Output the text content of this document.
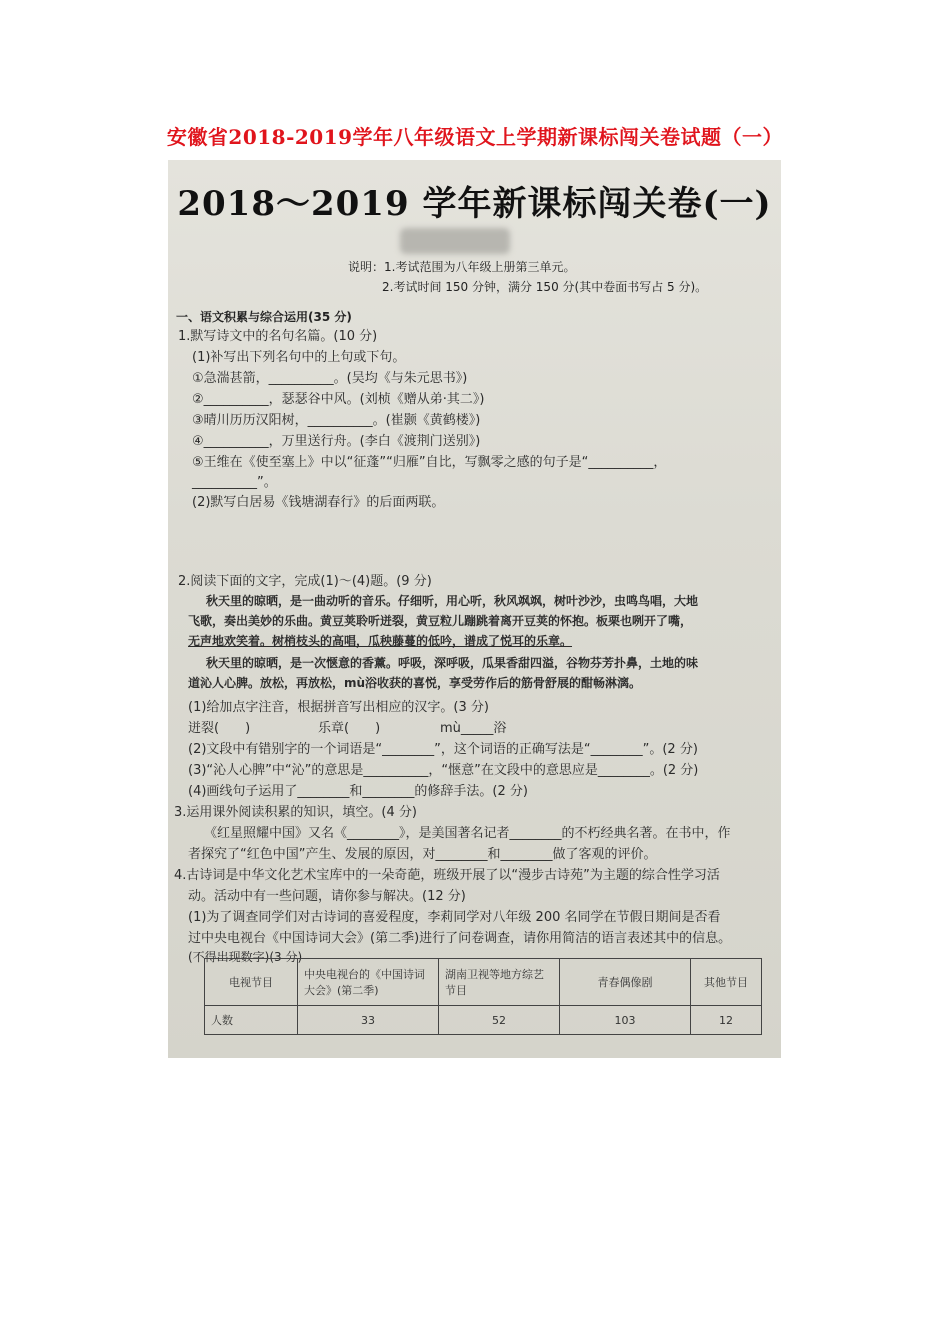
安徽省2018-2019学年八年级语文上学期新课标闯关卷试题（一）
2018～2019 学年新课标闯关卷(一)
说明：1.考试范围为八年级上册第三单元。
2.考试时间 150 分钟，满分 150 分(其中卷面书写占 5 分)。
一、语文积累与综合运用(35 分)
1.默写诗文中的名句名篇。(10 分)
(1)补写出下列名句中的上句或下句。
①急湍甚箭，__________。(吴均《与朱元思书》)
②__________，瑟瑟谷中风。(刘桢《赠从弟·其二》)
③晴川历历汉阳树，__________。(崔颢《黄鹤楼》)
④__________，万里送行舟。(李白《渡荆门送别》)
⑤王维在《使至塞上》中以“征蓬”“归雁”自比，写飘零之感的句子是“__________，
__________”。
(2)默写白居易《钱塘湖春行》的后面两联。
2.阅读下面的文字，完成(1)～(4)题。(9 分)
秋天里的晾晒，是一曲动听的音乐。仔细听，用心听，秋风飒飒，树叶沙沙，虫鸣鸟唱，大地
飞歌，奏出美妙的乐曲。黄豆荚聆听迸裂，黄豆粒儿蹦跳着离开豆荚的怀抱。板栗也咧开了嘴，
无声地欢笑着。树梢枝头的高唱，瓜秧藤蔓的低吟，谱成了悦耳的乐章。
秋天里的晾晒，是一次惬意的香薰。呼吸，深呼吸，瓜果香甜四溢，谷物芬芳扑鼻，土地的味
道沁人心脾。放松，再放松，mù浴收获的喜悦，享受劳作后的筋骨舒展的酣畅淋漓。
(1)给加点字注音，根据拼音写出相应的汉字。(3 分)
迸裂(　　)	乐章(　　)	mù_____浴
(2)文段中有错别字的一个词语是“________”，这个词语的正确写法是“________”。(2 分)
(3)“沁人心脾”中“沁”的意思是__________，“惬意”在文段中的意思应是________。(2 分)
(4)画线句子运用了________和________的修辞手法。(2 分)
3.运用课外阅读积累的知识，填空。(4 分)
《红星照耀中国》又名《________》，是美国著名记者________的不朽经典名著。在书中，作
者探究了“红色中国”产生、发展的原因，对________和________做了客观的评价。
4.古诗词是中华文化艺术宝库中的一朵奇葩，班级开展了以“漫步古诗苑”为主题的综合性学习活
动。活动中有一些问题，请你参与解决。(12 分)
(1)为了调查同学们对古诗词的喜爱程度，李莉同学对八年级 200 名同学在节假日期间是否看
过中央电视台《中国诗词大会》(第二季)进行了问卷调查，请你用简洁的语言表述其中的信息。
(不得出现数字)(3 分)
电视节目	中央电视台的《中国诗词大会》(第二季)	湖南卫视等地方综艺节目	青春偶像剧	其他节目
人数	33	52	103	12
